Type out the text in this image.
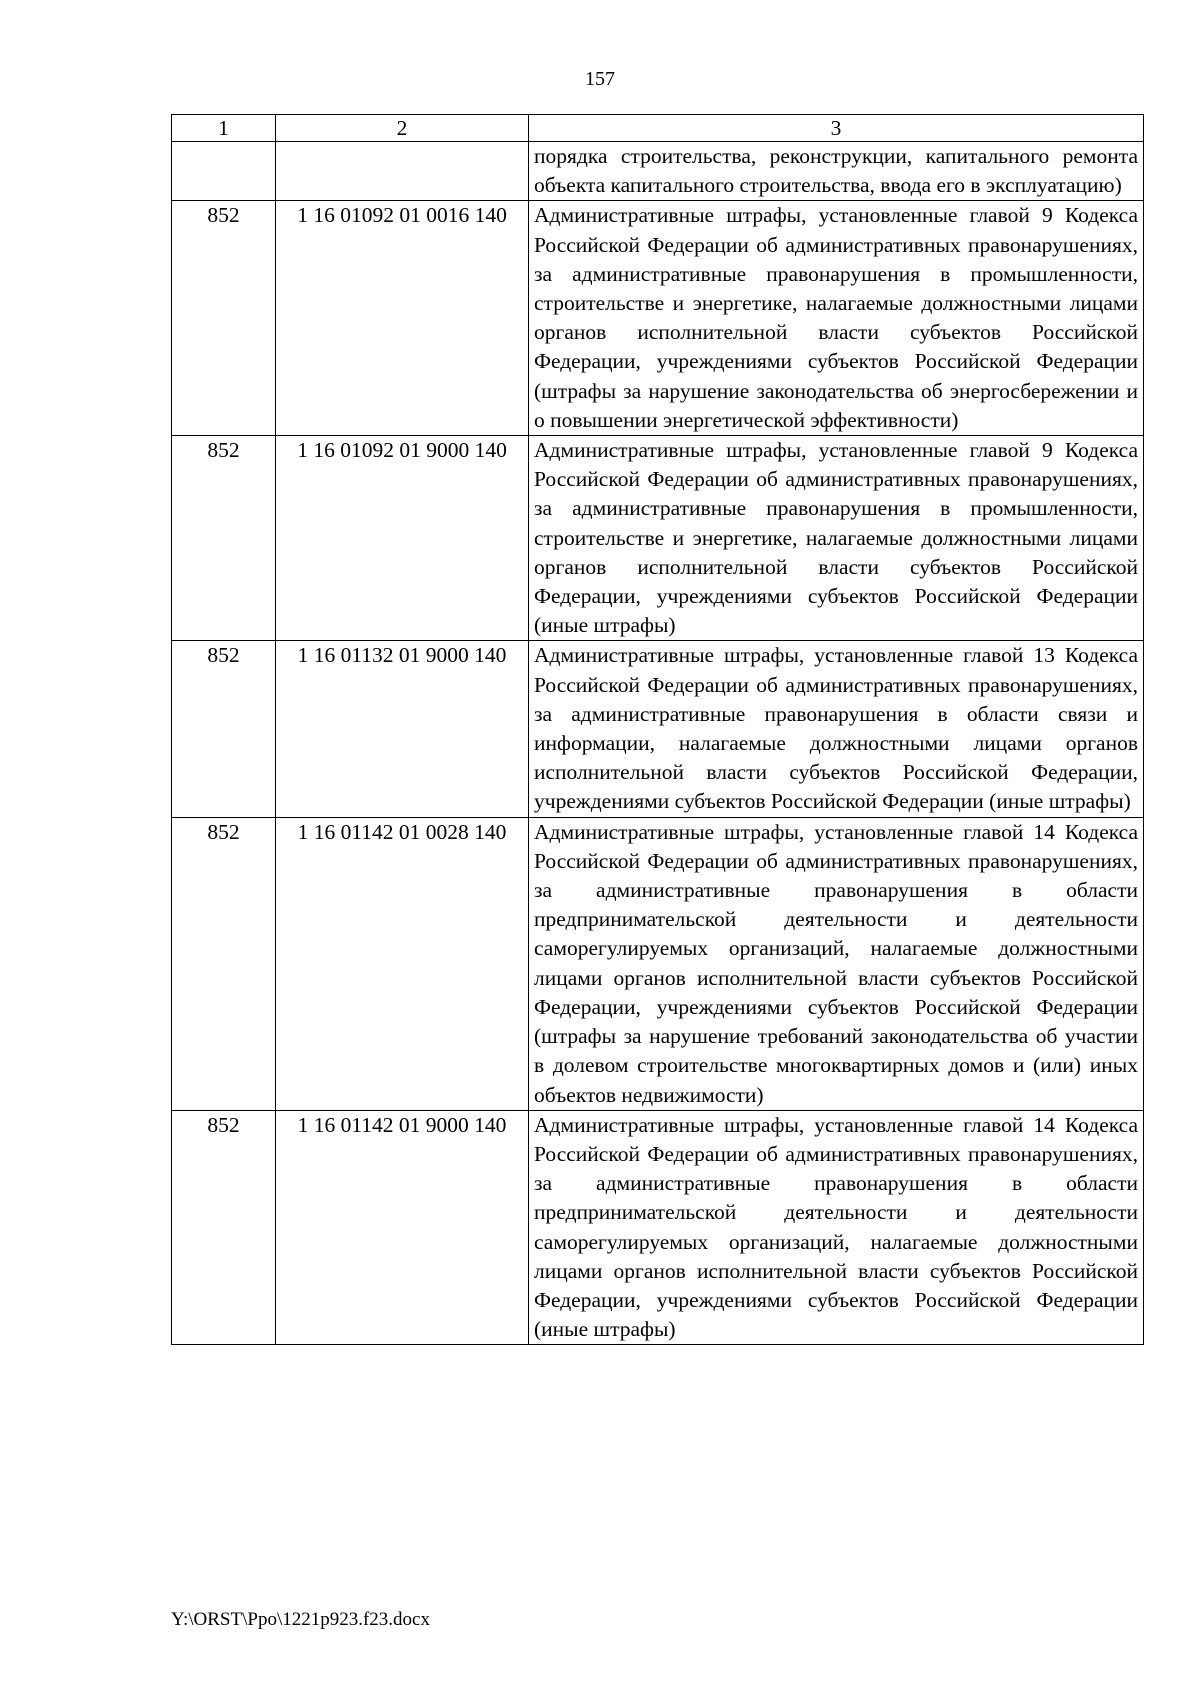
157
1	2	3
		порядка строительства, реконструкции, капитального ремонта объекта капитального строительства, ввода его в эксплуатацию)
852	1 16 01092 01 0016 140	Административные штрафы, установленные главой 9 Кодекса Российской Федерации об административных правонарушениях, за административные правонарушения в промышленности, строительстве и энергетике, налагаемые должностными лицами органов исполнительной власти субъектов Российской Федерации, учреждениями субъектов Российской Федерации (штрафы за нарушение законодательства об энергосбережении и о повышении энергетической эффективности)
852	1 16 01092 01 9000 140	Административные штрафы, установленные главой 9 Кодекса Российской Федерации об административных правонарушениях, за административные правонарушения в промышленности, строительстве и энергетике, налагаемые должностными лицами органов исполнительной власти субъектов Российской Федерации, учреждениями субъектов Российской Федерации (иные штрафы)
852	1 16 01132 01 9000 140	Административные штрафы, установленные главой 13 Кодекса Российской Федерации об административных правонарушениях, за административные правонарушения в области связи и информации, налагаемые должностными лицами органов исполнительной власти субъектов Российской Федерации, учреждениями субъектов Российской Федерации (иные штрафы)
852	1 16 01142 01 0028 140	Административные штрафы, установленные главой 14 Кодекса Российской Федерации об административных правонарушениях, за административные правонарушения в области предпринимательской деятельности и деятельности саморегулируемых организаций, налагаемые должностными лицами органов исполнительной власти субъектов Российской Федерации, учреждениями субъектов Российской Федерации (штрафы за нарушение требований законодательства об участии в долевом строительстве многоквартирных домов и (или) иных объектов недвижимости)
852	1 16 01142 01 9000 140	Административные штрафы, установленные главой 14 Кодекса Российской Федерации об административных правонарушениях, за административные правонарушения в области предпринимательской деятельности и деятельности саморегулируемых организаций, налагаемые должностными лицами органов исполнительной власти субъектов Российской Федерации, учреждениями субъектов Российской Федерации (иные штрафы)
Y:\ORST\Ppo\1221p923.f23.docx
